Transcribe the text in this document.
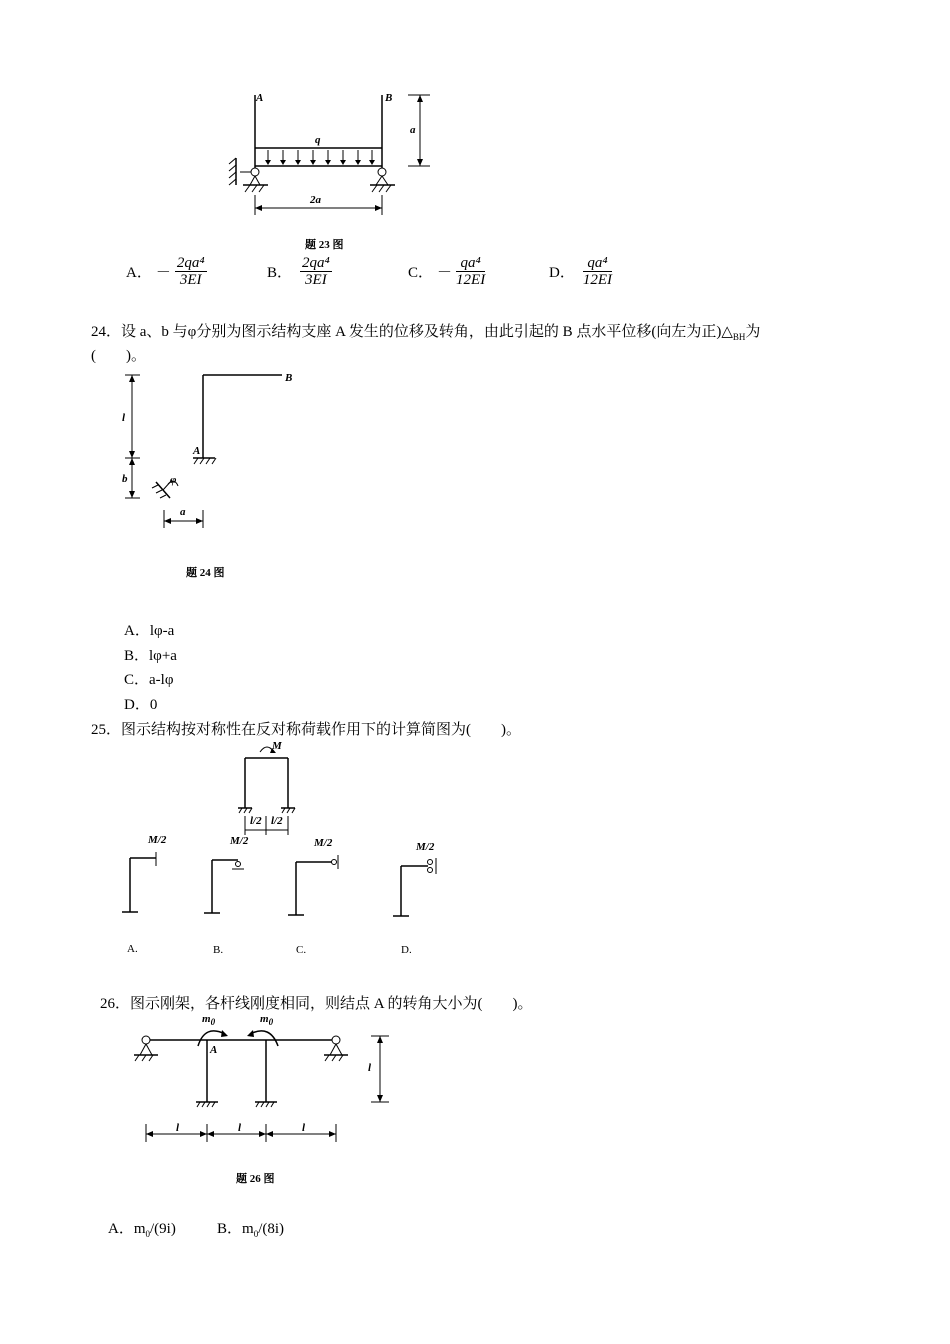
A	B
q
a
2a
题 23 图
A． － $\frac{\text{2qa⁴}}{3EI}$	B． $\frac{\text{2qa⁴}}{3EI}$	C． － $\frac{\text{qa⁴}}{12EI}$	D． $\frac{\text{qa⁴}}{12EI}$
24．设 a、b 与φ分别为图示结构支座 A 发生的位移及转角，由此引起的 B 点水平位移(向左为正)$\triangle_{BH}$为
(　　)。
l
b
a
A
B
φ
题 24 图
A．lφ-a
B．lφ+a
C．a-lφ
D．0
25．图示结构按对称性在反对称荷载作用下的计算简图为(　　)。
M
l/2 l/2
M/2	M/2	M/2	M/2
A.	B.	C.	D.
26．图示刚架，各杆线刚度相同，则结点 A 的转角大小为(　　)。
$m_0$	$m_0$
A
l
l	l	l
题 26 图
A．$m_0/(9i)$	B．$m_0/(8i)$
